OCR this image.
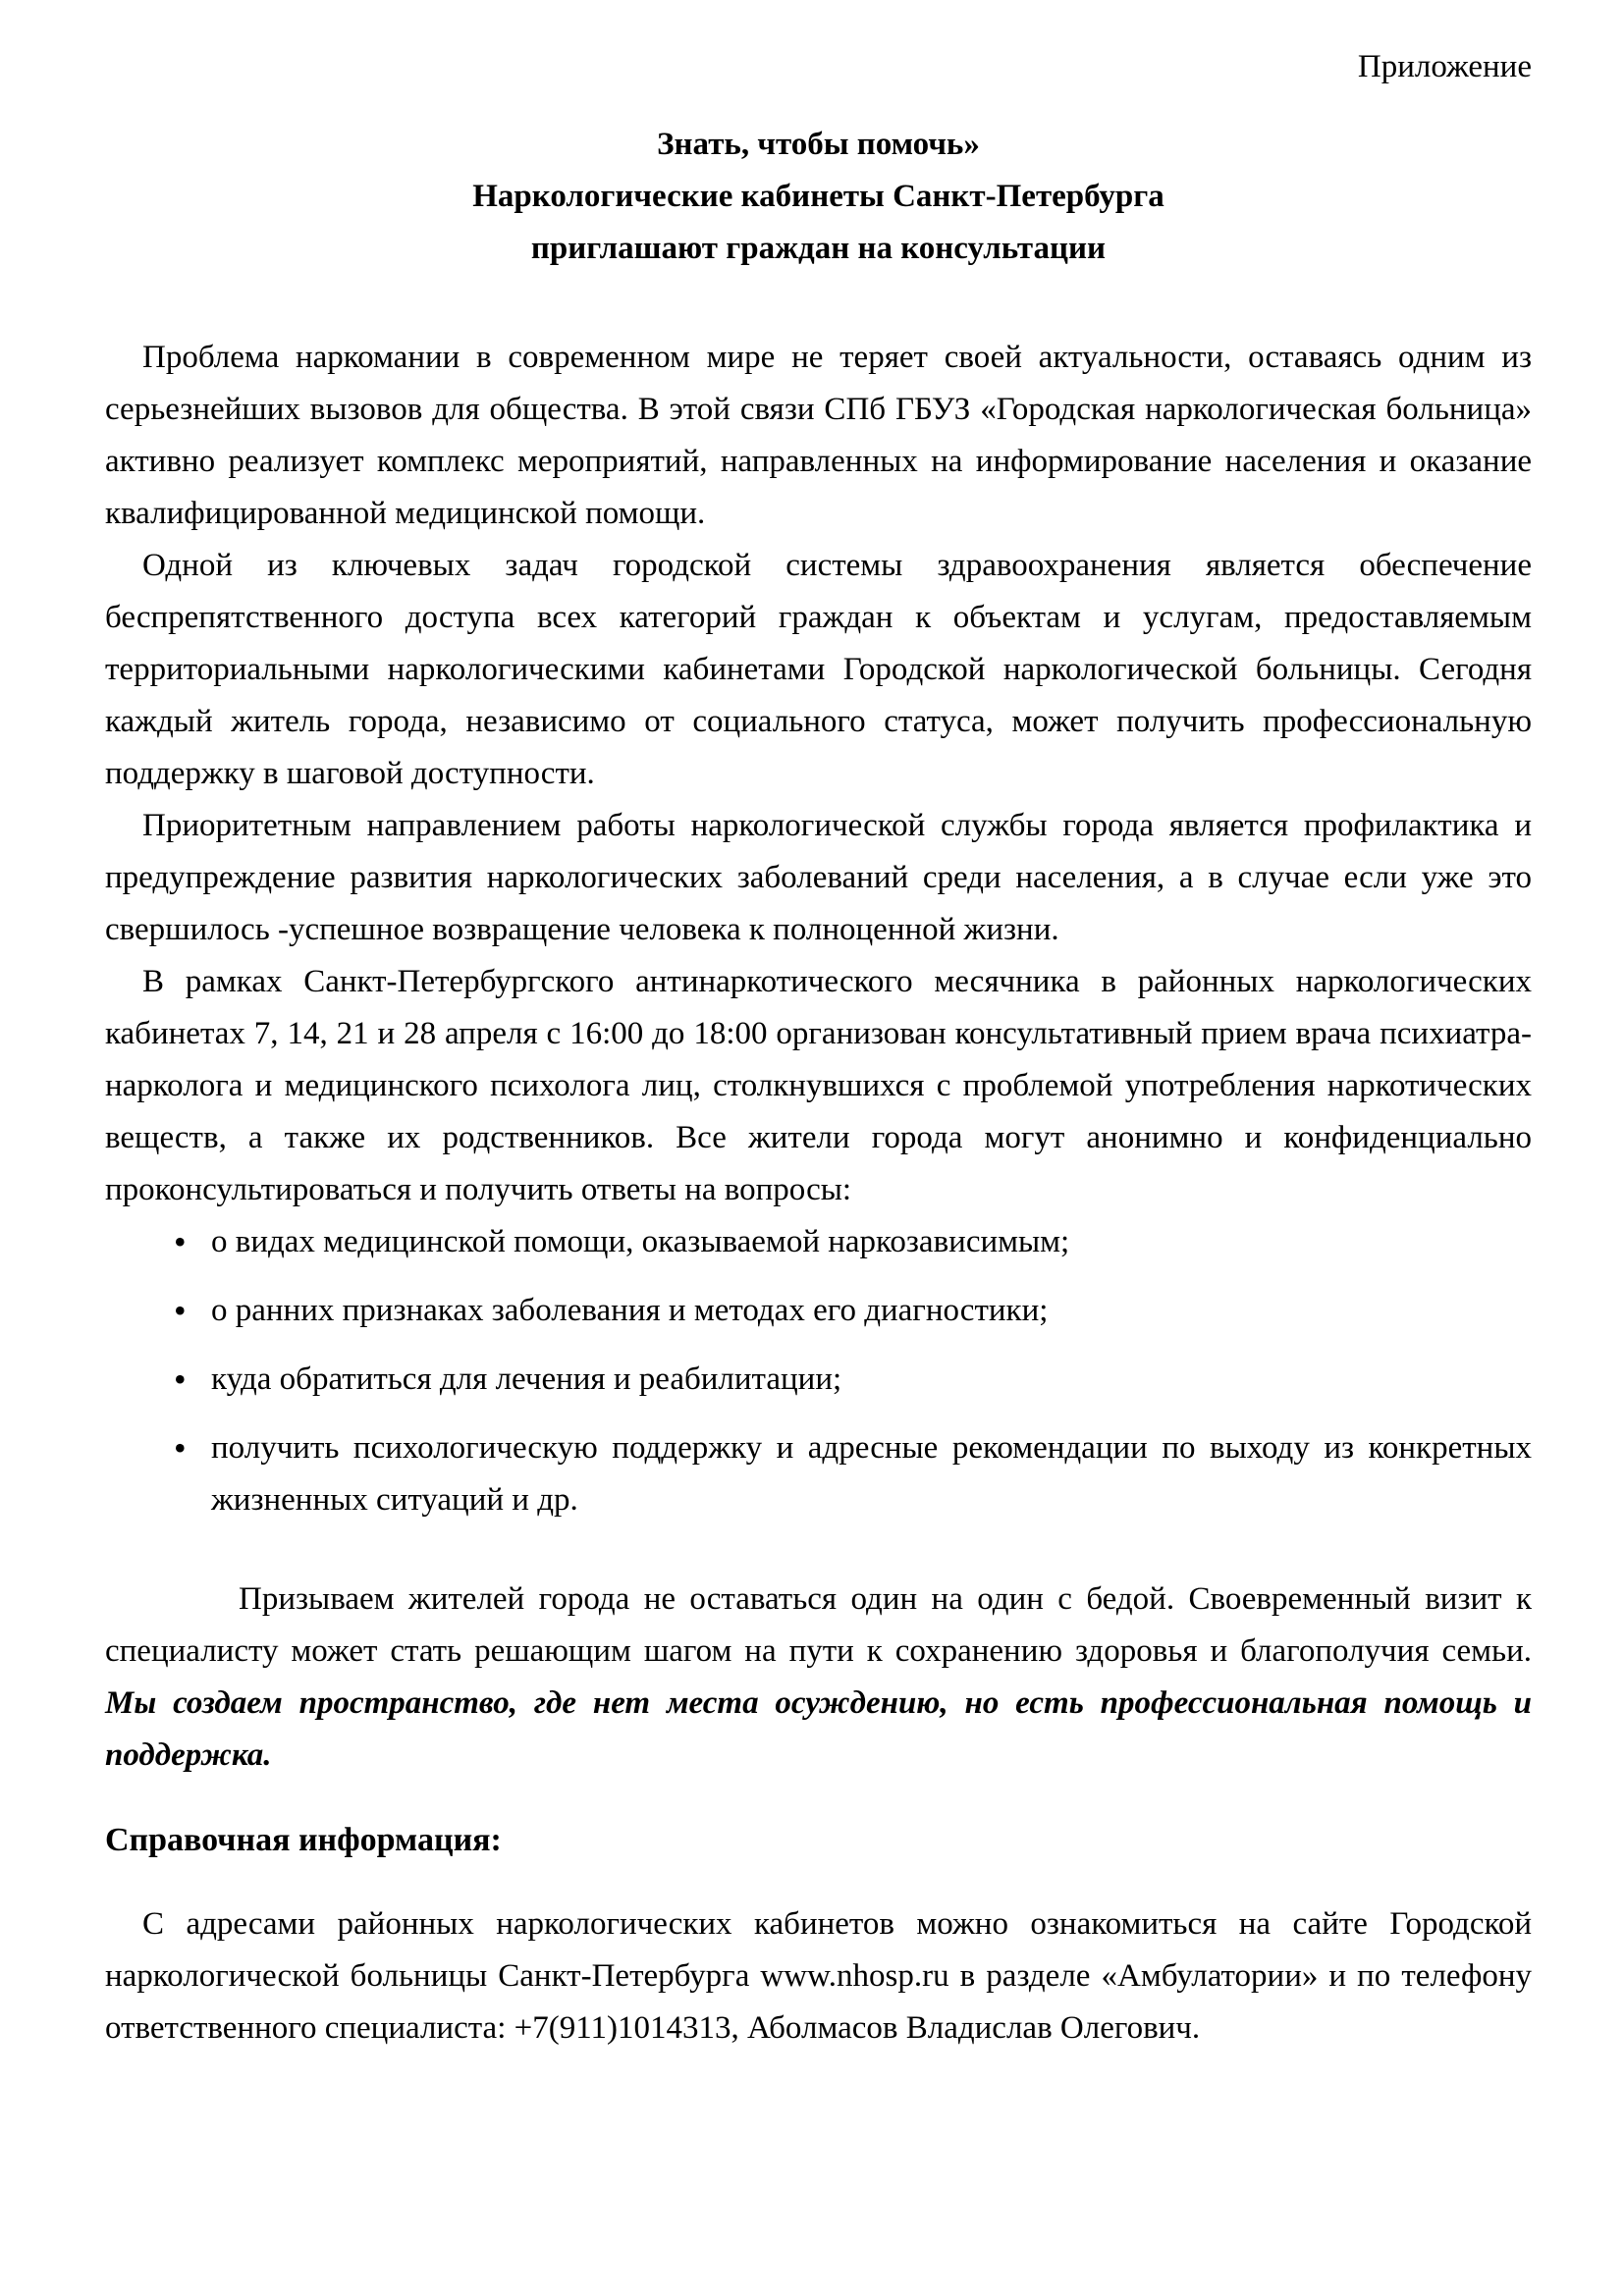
Приложение
Знать, чтобы помочь»
Наркологические кабинеты Санкт-Петербурга
приглашают граждан на консультации

Проблема наркомании в современном мире не теряет своей актуальности, оставаясь одним из серьезнейших вызовов для общества. В этой связи СПб ГБУЗ «Городская наркологическая больница» активно реализует комплекс мероприятий, направленных на информирование населения и оказание квалифицированной медицинской помощи.

Одной из ключевых задач городской системы здравоохранения является обеспечение беспрепятственного доступа всех категорий граждан к объектам и услугам, предоставляемым территориальными наркологическими кабинетами Городской наркологической больницы. Сегодня каждый житель города, независимо от социального статуса, может получить профессиональную поддержку в шаговой доступности.

Приоритетным направлением работы наркологической службы города является профилактика и предупреждение развития наркологических заболеваний среди населения, а в случае если уже это свершилось -успешное возвращение человека к полноценной жизни.

В рамках Санкт-Петербургского антинаркотического месячника в районных наркологических кабинетах 7, 14, 21 и 28 апреля с 16:00 до 18:00 организован консультативный прием врача психиатра-нарколога и медицинского психолога лиц, столкнувшихся с проблемой употребления наркотических веществ, а также их родственников. Все жители города могут анонимно и конфиденциально проконсультироваться и получить ответы на вопросы:

• о видах медицинской помощи, оказываемой наркозависимым;
• о ранних признаках заболевания и методах его диагностики;
• куда обратиться для лечения и реабилитации;
• получить психологическую поддержку и адресные рекомендации по выходу из конкретных жизненных ситуаций и др.

Призываем жителей города не оставаться один на один с бедой. Своевременный визит к специалисту может стать решающим шагом на пути к сохранению здоровья и благополучия семьи. Мы создаем пространство, где нет места осуждению, но есть профессиональная помощь и поддержка.

Справочная информация:

С адресами районных наркологических кабинетов можно ознакомиться на сайте Городской наркологической больницы Санкт-Петербурга www.nhosp.ru в разделе «Амбулатории» и по телефону ответственного специалиста: +7(911)1014313, Аболмасов Владислав Олегович.
